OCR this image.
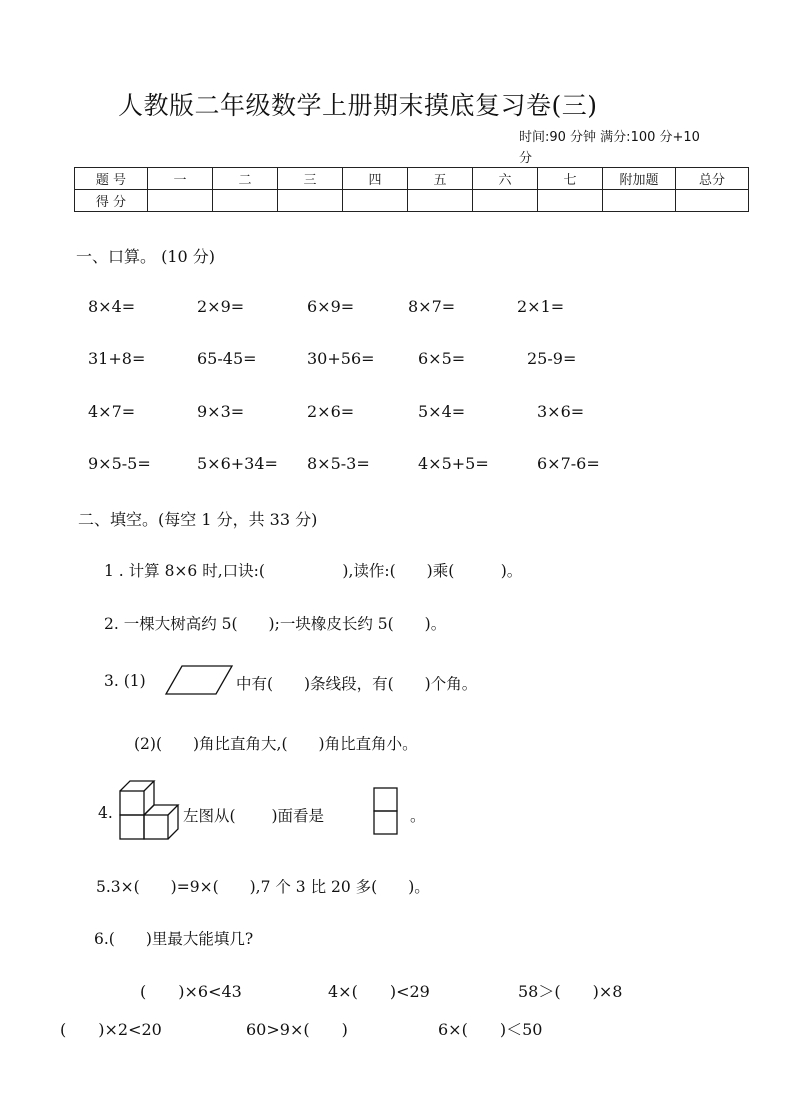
人教版二年级数学上册期末摸底复习卷(三)
时间:90 分钟 满分:100 分+10
分
题 号	一	二	三	四	五	六	七	附加题	总分
得 分									
一、口算。 (10 分)
8×4=	2×9=	6×9=	8×7=	2×1=
31+8=	65-45=	30+56=	6×5=	25-9=
4×7=	9×3=	2×6=	5×4=	3×6=
9×5-5=	5×6+34= 8×5-3=	4×5+5=	6×7-6=
二、填空。(每空 1 分，共 33 分)
1 . 计算 8×6 时,口诀:(　　　　　),读作:(　　)乘(　　　)。
2. 一棵大树高约 5(　　);一块橡皮长约 5(　　)。
3. (1)	中有(　　)条线段，有(　　)个角。
(2)(　　)角比直角大,(　　)角比直角小。
4.	左图从(　　 )面看是	。
5.3×(　　)=9×(　　),7 个 3 比 20 多(　　)。
6.(　　)里最大能填几?
(　　)×6<43	4×(　　)<29	58＞(　　)×8
(　　)×2<20	60>9×(　　)	6×(　　)＜50
